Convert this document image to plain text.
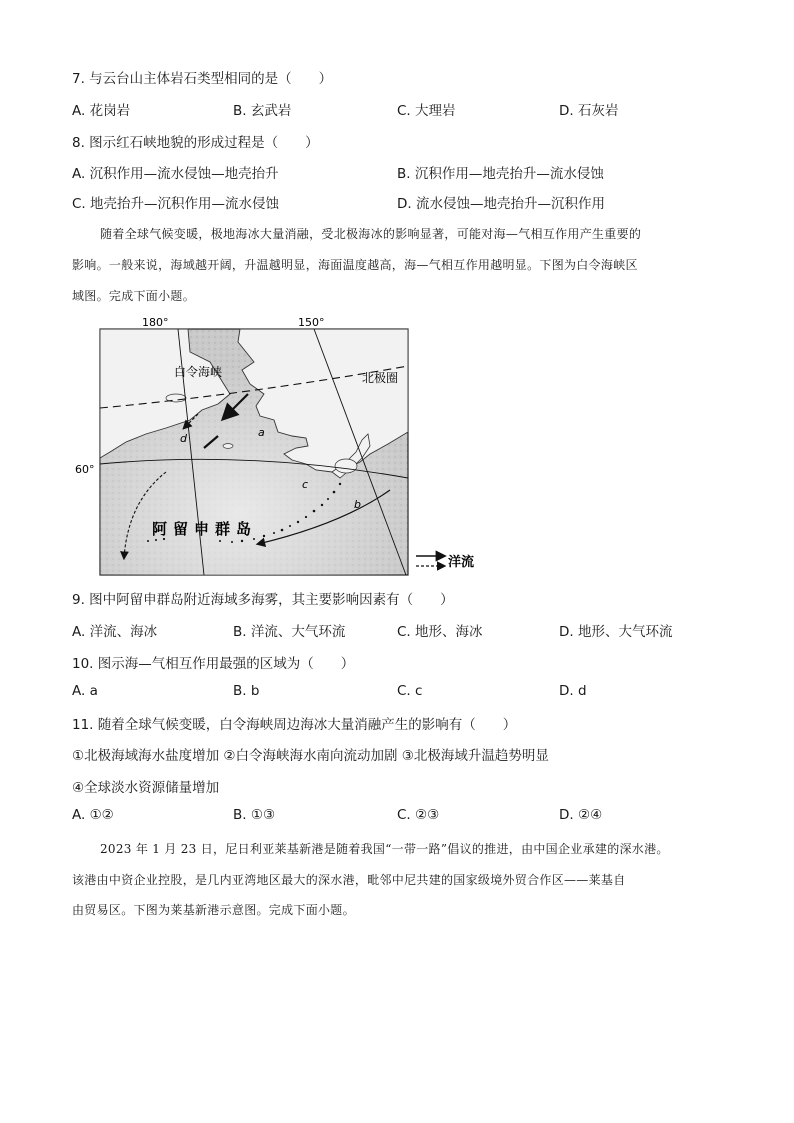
7. 与云台山主体岩石类型相同的是（　　）
A. 花岗岩	B. 玄武岩	C. 大理岩	D. 石灰岩
8. 图示红石峡地貌的形成过程是（　　）
A. 沉积作用—流水侵蚀—地壳抬升	B. 沉积作用—地壳抬升—流水侵蚀
C. 地壳抬升—沉积作用—流水侵蚀	D. 流水侵蚀—地壳抬升—沉积作用
随着全球气候变暖，极地海冰大量消融，受北极海冰的影响显著，可能对海—气相互作用产生重要的
影响。一般来说，海域越开阔，升温越明显，海面温度越高，海—气相互作用越明显。下图为白令海峡区
域图。完成下面小题。
180°	150°
60°
白令海峡	北极圈
阿留申群岛
a
b
c
d
洋流
9. 图中阿留申群岛附近海域多海雾，其主要影响因素有（　　）
A. 洋流、海冰	B. 洋流、大气环流	C. 地形、海冰	D. 地形、大气环流
10. 图示海—气相互作用最强的区域为（　　）
A. a	B. b	C. c	D. d
11. 随着全球气候变暖，白令海峡周边海冰大量消融产生的影响有（　　）
①北极海域海水盐度增加 ②白令海峡海水南向流动加剧 ③北极海域升温趋势明显
④全球淡水资源储量增加
A. ①②	B. ①③	C. ②③	D. ②④
2023 年 1 月 23 日，尼日利亚莱基新港是随着我国“一带一路”倡议的推进，由中国企业承建的深水港。
该港由中资企业控股，是几内亚湾地区最大的深水港，毗邻中尼共建的国家级境外贸合作区——莱基自
由贸易区。下图为莱基新港示意图。完成下面小题。
